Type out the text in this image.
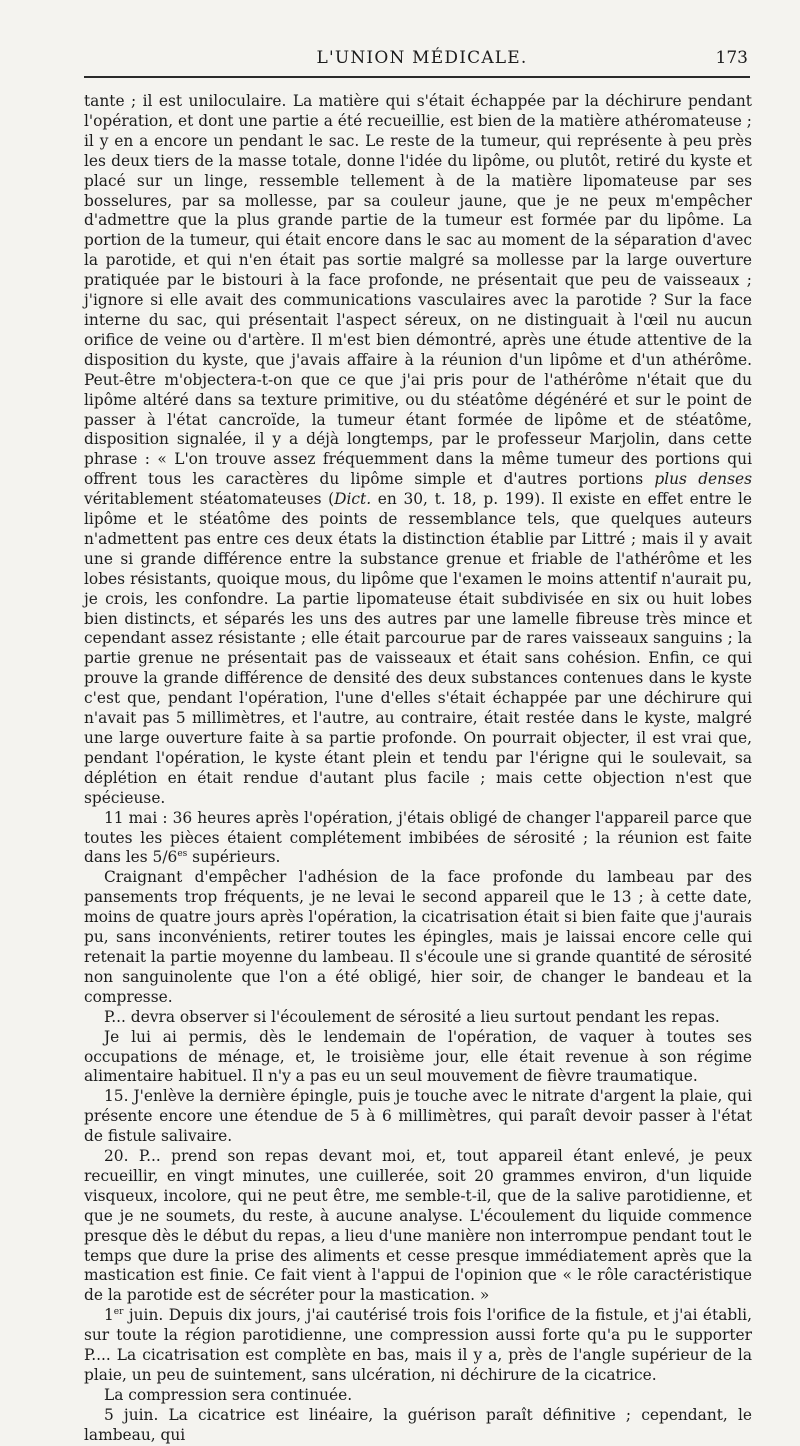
L'UNION MÉDICALE.	173

tante ; il est uniloculaire. La matière qui s'était échappée par la déchirure pendant l'opération, et dont une partie a été recueillie, est bien de la matière athéromateuse ; il y en a encore un pendant le sac. Le reste de la tumeur, qui représente à peu près les deux tiers de la masse totale, donne l'idée du lipôme, ou plutôt, retiré du kyste et placé sur un linge, ressemble tellement à de la matière lipomateuse par ses bosselures, par sa mollesse, par sa couleur jaune, que je ne peux m'empêcher d'admettre que la plus grande partie de la tumeur est formée par du lipôme. La portion de la tumeur, qui était encore dans le sac au moment de la séparation d'avec la parotide, et qui n'en était pas sortie malgré sa mollesse par la large ouverture pratiquée par le bistouri à la face profonde, ne présentait que peu de vaisseaux ; j'ignore si elle avait des communications vasculaires avec la parotide ? Sur la face interne du sac, qui présentait l'aspect séreux, on ne distinguait à l'œil nu aucun orifice de veine ou d'artère. Il m'est bien démontré, après une étude attentive de la disposition du kyste, que j'avais affaire à la réunion d'un lipôme et d'un athérôme. Peut-être m'objectera-t-on que ce que j'ai pris pour de l'athérôme n'était que du lipôme altéré dans sa texture primitive, ou du stéatôme dégénéré et sur le point de passer à l'état cancroïde, la tumeur étant formée de lipôme et de stéatôme, disposition signalée, il y a déjà longtemps, par le professeur Marjolin, dans cette phrase : « L'on trouve assez fréquemment dans la même tumeur des portions qui offrent tous les caractères du lipôme simple et d'autres portions plus denses véritablement stéatomateuses (Dict. en 30, t. 18, p. 199). Il existe en effet entre le lipôme et le stéatôme des points de ressemblance tels, que quelques auteurs n'admettent pas entre ces deux états la distinction établie par Littré ; mais il y avait une si grande différence entre la substance grenue et friable de l'athérôme et les lobes résistants, quoique mous, du lipôme que l'examen le moins attentif n'aurait pu, je crois, les confondre. La partie lipomateuse était subdivisée en six ou huit lobes bien distincts, et séparés les uns des autres par une lamelle fibreuse très mince et cependant assez résistante ; elle était parcourue par de rares vaisseaux sanguins ; la partie grenue ne présentait pas de vaisseaux et était sans cohésion. Enfin, ce qui prouve la grande différence de densité des deux substances contenues dans le kyste c'est que, pendant l'opération, l'une d'elles s'était échappée par une déchirure qui n'avait pas 5 millimètres, et l'autre, au contraire, était restée dans le kyste, malgré une large ouverture faite à sa partie profonde. On pourrait objecter, il est vrai que, pendant l'opération, le kyste étant plein et tendu par l'érigne qui le soulevait, sa déplétion en était rendue d'autant plus facile ; mais cette objection n'est que spécieuse.

11 mai : 36 heures après l'opération, j'étais obligé de changer l'appareil parce que toutes les pièces étaient complétement imbibées de sérosité ; la réunion est faite dans les $5/6^{es}$ supérieurs.

Craignant d'empêcher l'adhésion de la face profonde du lambeau par des pansements trop fréquents, je ne levai le second appareil que le 13 ; à cette date, moins de quatre jours après l'opération, la cicatrisation était si bien faite que j'aurais pu, sans inconvénients, retirer toutes les épingles, mais je laissai encore celle qui retenait la partie moyenne du lambeau. Il s'écoule une si grande quantité de sérosité non sanguinolente que l'on a été obligé, hier soir, de changer le bandeau et la compresse.

P... devra observer si l'écoulement de sérosité a lieu surtout pendant les repas.

Je lui ai permis, dès le lendemain de l'opération, de vaquer à toutes ses occupations de ménage, et, le troisième jour, elle était revenue à son régime alimentaire habituel. Il n'y a pas eu un seul mouvement de fièvre traumatique.

15. J'enlève la dernière épingle, puis je touche avec le nitrate d'argent la plaie, qui présente encore une étendue de 5 à 6 millimètres, qui paraît devoir passer à l'état de fistule salivaire.

20. P... prend son repas devant moi, et, tout appareil étant enlevé, je peux recueillir, en vingt minutes, une cuillerée, soit 20 grammes environ, d'un liquide visqueux, incolore, qui ne peut être, me semble-t-il, que de la salive parotidienne, et que je ne soumets, du reste, à aucune analyse. L'écoulement du liquide commence presque dès le début du repas, a lieu d'une manière non interrompue pendant tout le temps que dure la prise des aliments et cesse presque immédiatement après que la mastication est finie. Ce fait vient à l'appui de l'opinion que « le rôle caractéristique de la parotide est de sécréter pour la mastication. »

1er juin. Depuis dix jours, j'ai cautérisé trois fois l'orifice de la fistule, et j'ai établi, sur toute la région parotidienne, une compression aussi forte qu'a pu le supporter P.... La cicatrisation est complète en bas, mais il y a, près de l'angle supérieur de la plaie, un peu de suintement, sans ulcération, ni déchirure de la cicatrice.

La compression sera continuée.

5 juin. La cicatrice est linéaire, la guérison paraît définitive ; cependant, le lambeau, qui
